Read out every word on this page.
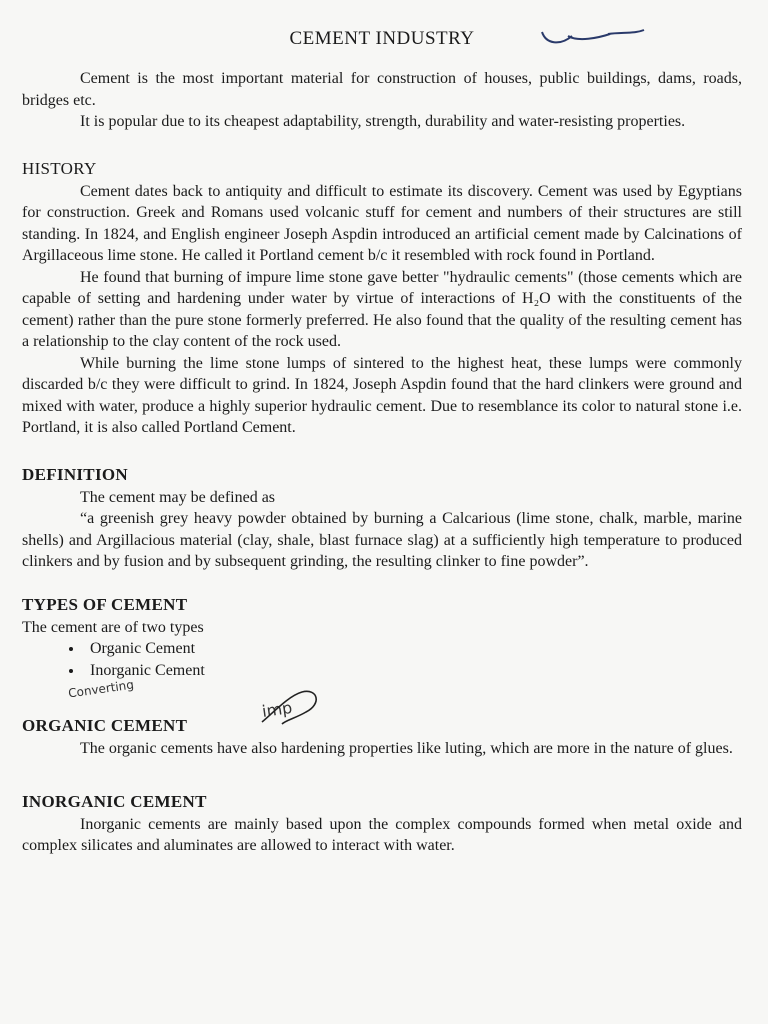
CEMENT INDUSTRY

Cement is the most important material for construction of houses, public buildings, dams, roads, bridges etc.

It is popular due to its cheapest adaptability, strength, durability and water-resisting properties.

HISTORY

Cement dates back to antiquity and difficult to estimate its discovery. Cement was used by Egyptians for construction. Greek and Romans used volcanic stuff for cement and numbers of their structures are still standing. In 1824, and English engineer Joseph Aspdin introduced an artificial cement made by Calcinations of Argillaceous lime stone. He called it Portland cement b/c it resembled with rock found in Portland.

He found that burning of impure lime stone gave better "hydraulic cements" (those cements which are capable of setting and hardening under water by virtue of interactions of H₂O with the constituents of the cement) rather than the pure stone formerly preferred. He also found that the quality of the resulting cement has a relationship to the clay content of the rock used.

While burning the lime stone lumps of sintered to the highest heat, these lumps were commonly discarded b/c they were difficult to grind. In 1824, Joseph Aspdin found that the hard clinkers were ground and mixed with water, produce a highly superior hydraulic cement. Due to resemblance its color to natural stone i.e. Portland, it is also called Portland Cement.

DEFINITION

The cement may be defined as

“a greenish grey heavy powder obtained by burning a Calcarious (lime stone, chalk, marble, marine shells) and Argillacious material (clay, shale, blast furnace slag) at a sufficiently high temperature to produced clinkers and by fusion and by subsequent grinding, the resulting clinker to fine powder”.

TYPES OF CEMENT

The cement are of two types

• Organic Cement
• Inorganic Cement
ORGANIC CEMENT

The organic cements have also hardening properties like luting, which are more in the nature of glues.

INORGANIC CEMENT

Inorganic cements are mainly based upon the complex compounds formed when metal oxide and complex silicates and aluminates are allowed to interact with water.

Converting
imp
